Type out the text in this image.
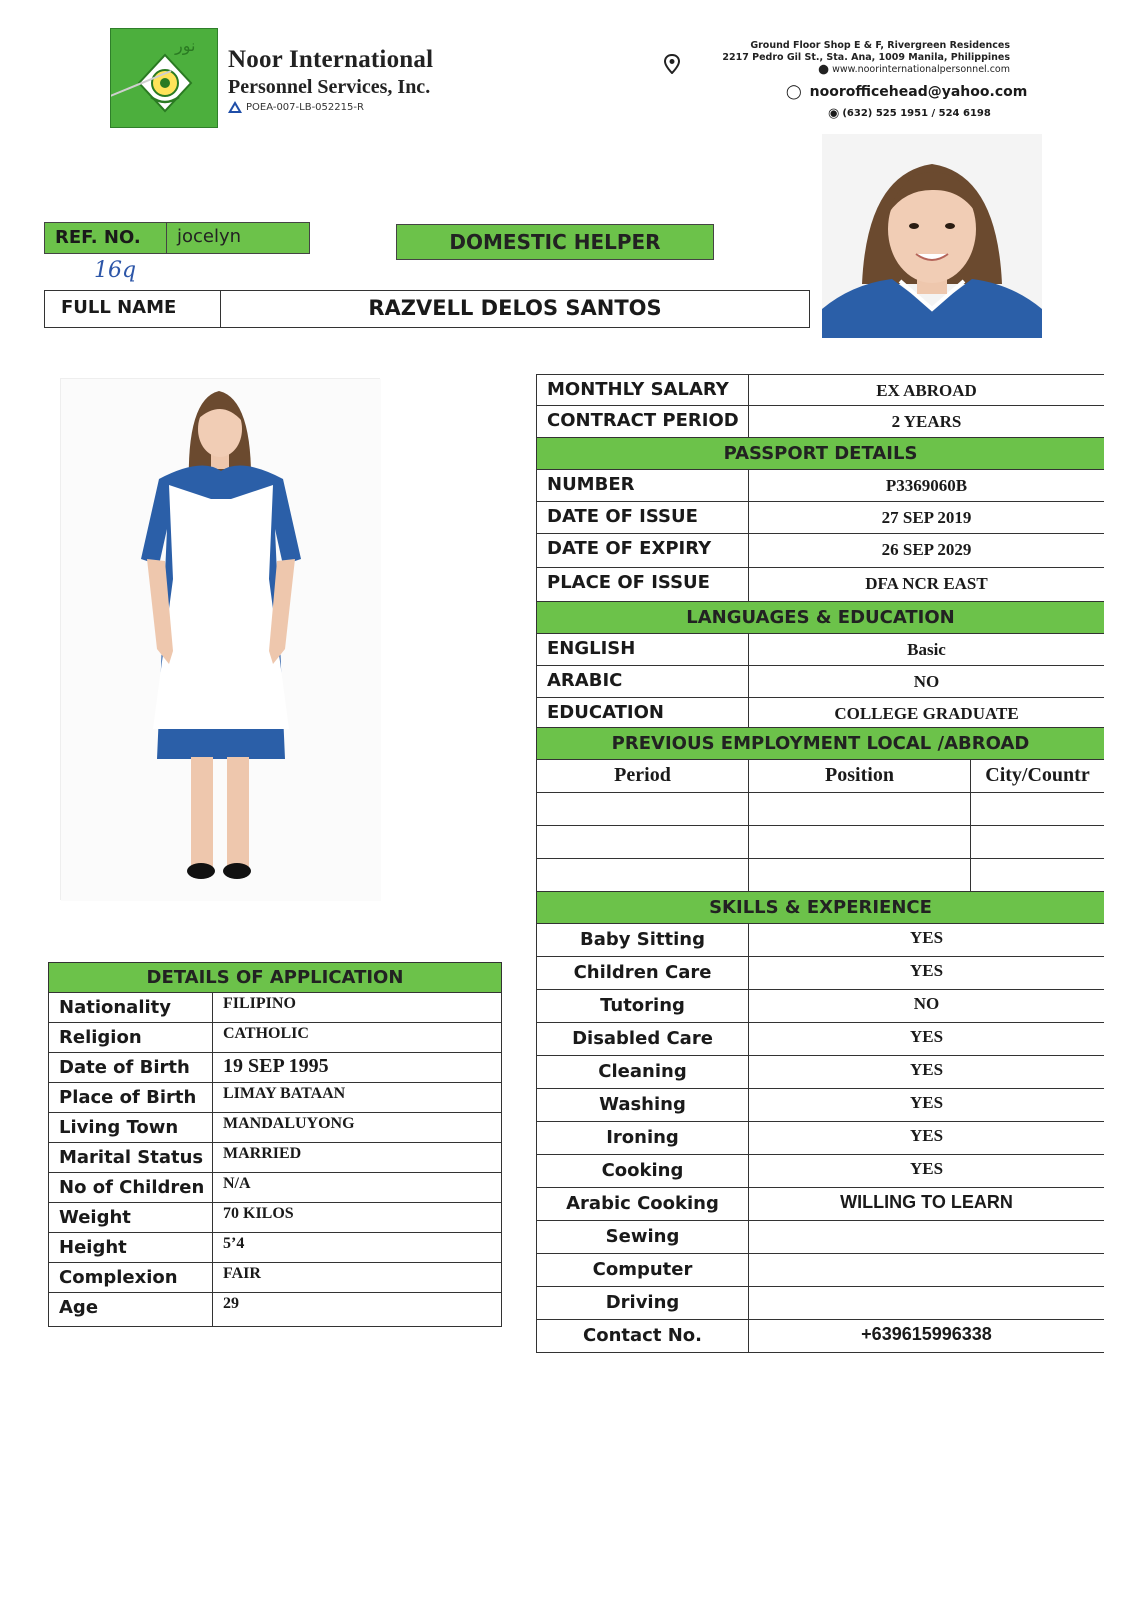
نور
Noor International
Personnel Services, Inc.
POEA-007-LB-052215-R
Ground Floor Shop E & F, Rivergreen Residences
2217 Pedro Gil St., Sta. Ana, 1009 Manila, Philippines
⬤ www.noorinternationalpersonnel.com
◯ noorofficehead@yahoo.com
◉ (632) 525 1951 / 524 6198
REF. NO.	jocelyn
16q
DOMESTIC HELPER
FULL NAME	RAZVELL DELOS SANTOS
MONTHLY SALARY	EX ABROAD
CONTRACT PERIOD	2 YEARS
PASSPORT DETAILS
NUMBER	P3369060B
DATE OF ISSUE	27 SEP 2019
DATE OF EXPIRY	26 SEP 2029
PLACE OF ISSUE	DFA NCR EAST
LANGUAGES & EDUCATION
ENGLISH	Basic
ARABIC	NO
EDUCATION	COLLEGE GRADUATE
PREVIOUS EMPLOYMENT LOCAL /ABROAD
Period	Position	City/Countr
SKILLS & EXPERIENCE
Baby Sitting	YES
Children Care	YES
Tutoring	NO
Disabled Care	YES
Cleaning	YES
Washing	YES
Ironing	YES
Cooking	YES
Arabic Cooking	WILLING TO LEARN
Sewing
Computer
Driving
Contact No.	+639615996338
DETAILS OF APPLICATION
Nationality	FILIPINO
Religion	CATHOLIC
Date of Birth	19 SEP 1995
Place of Birth	LIMAY BATAAN
Living Town	MANDALUYONG
Marital Status	MARRIED
No of Children	N/A
Weight	70 KILOS
Height	5’4
Complexion	FAIR
Age	29
